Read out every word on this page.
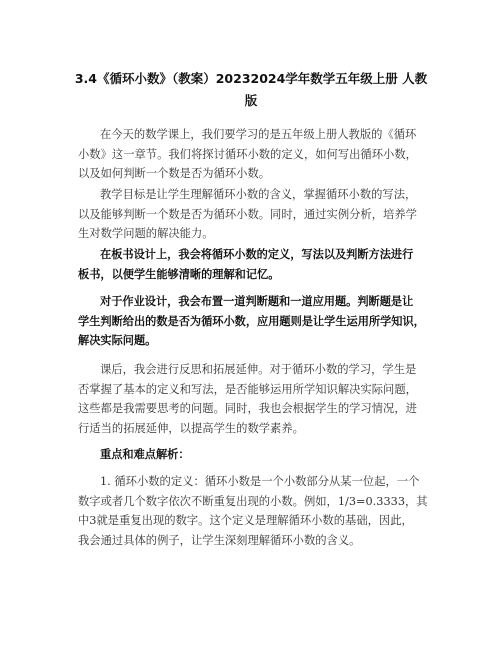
3.4《循环小数》（教案）20232024学年数学五年级上册 人教
版
在今天的数学课上，我们要学习的是五年级上册人教版的《循环
小数》这一章节。我们将探讨循环小数的定义，如何写出循环小数，
以及如何判断一个数是否为循环小数。
教学目标是让学生理解循环小数的含义，掌握循环小数的写法，
以及能够判断一个数是否为循环小数。同时，通过实例分析，培养学
生对数学问题的解决能力。
在板书设计上，我会将循环小数的定义，写法以及判断方法进行
板书，以便学生能够清晰的理解和记忆。
对于作业设计，我会布置一道判断题和一道应用题。判断题是让
学生判断给出的数是否为循环小数，应用题则是让学生运用所学知识，
解决实际问题。
课后，我会进行反思和拓展延伸。对于循环小数的学习，学生是
否掌握了基本的定义和写法，是否能够运用所学知识解决实际问题，
这些都是我需要思考的问题。同时，我也会根据学生的学习情况，进
行适当的拓展延伸，以提高学生的数学素养。
重点和难点解析：
1. 循环小数的定义：循环小数是一个小数部分从某一位起，一个
数字或者几个数字依次不断重复出现的小数。例如，1/3=0.3333，其
中3就是重复出现的数字。这个定义是理解循环小数的基础，因此，
我会通过具体的例子，让学生深刻理解循环小数的含义。
